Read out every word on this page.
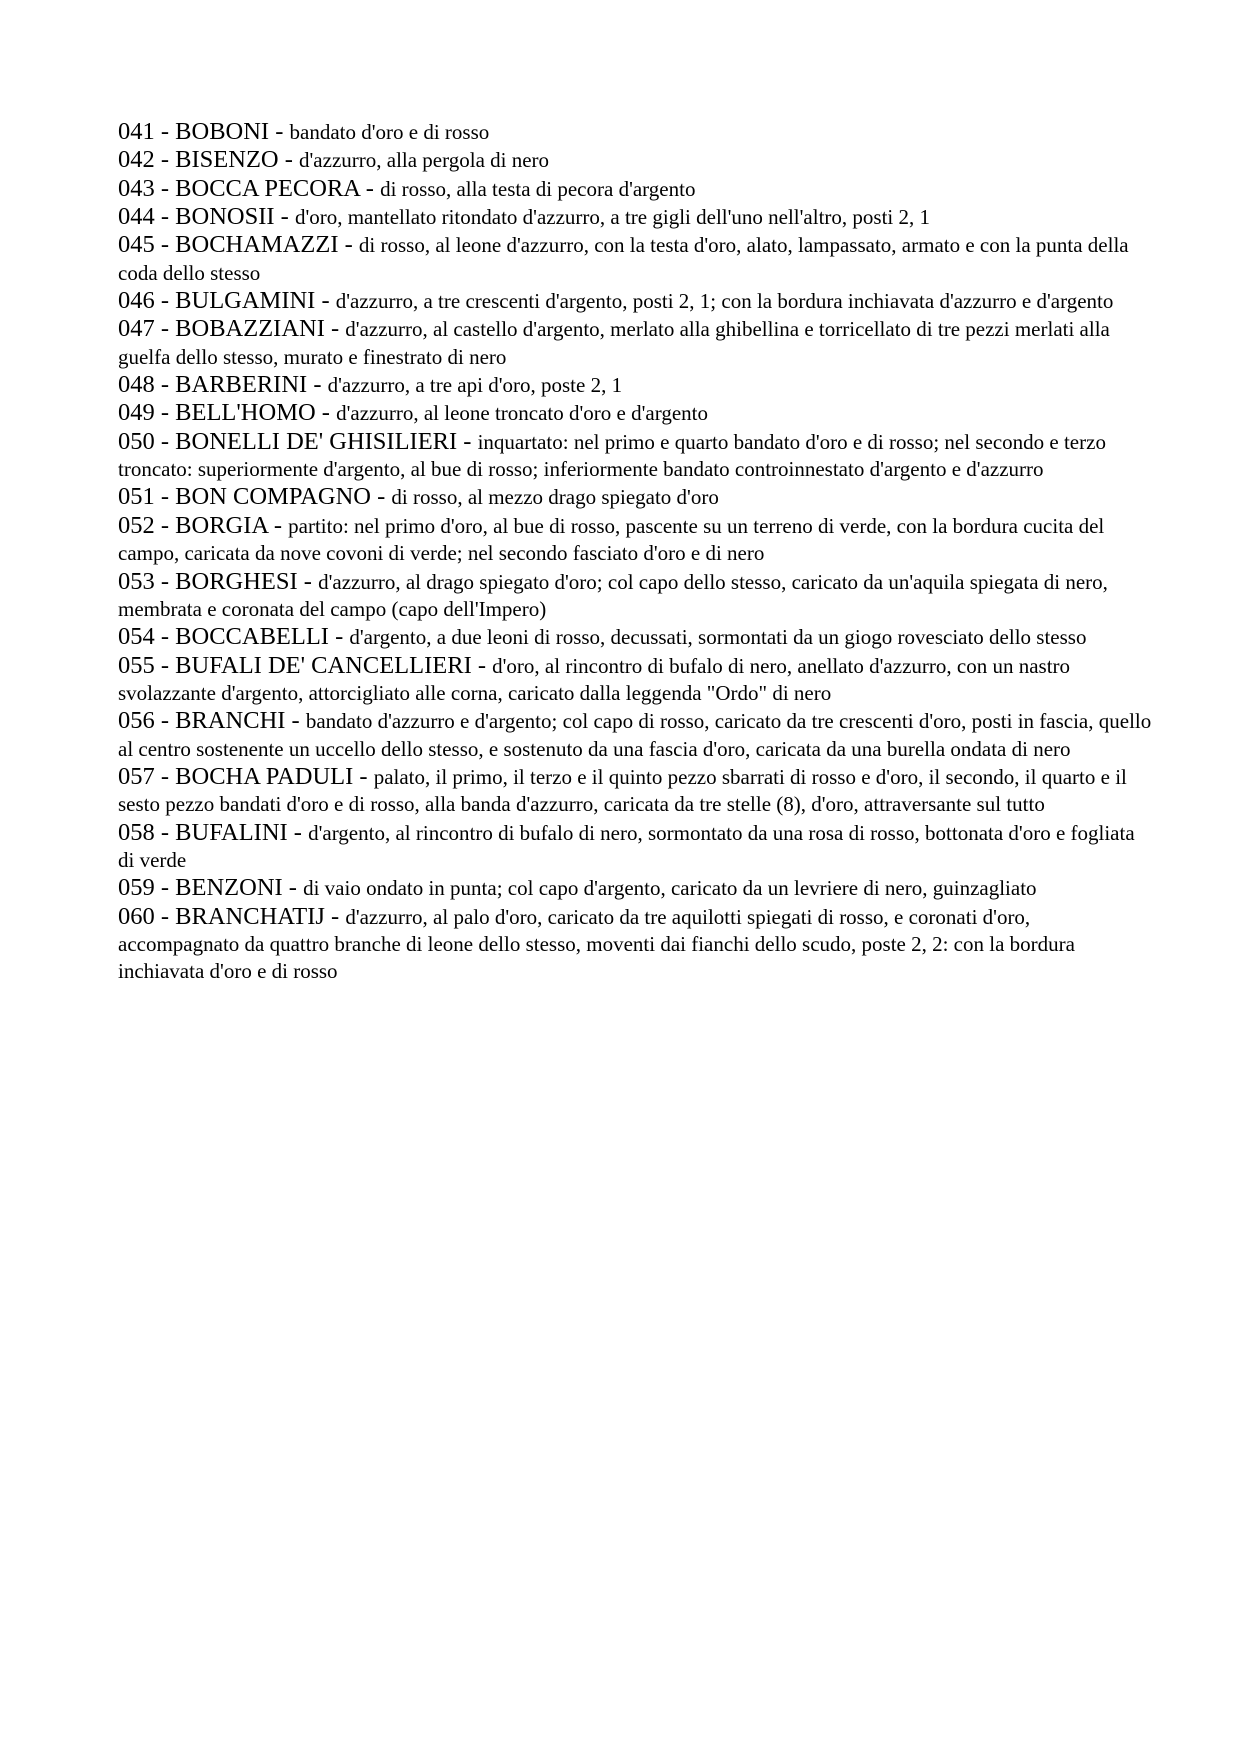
041 - BOBONI - bandato d'oro e di rosso

042 - BISENZO - d'azzurro, alla pergola di nero

043 - BOCCA PECORA - di rosso, alla testa di pecora d'argento

044 - BONOSII - d'oro, mantellato ritondato d'azzurro, a tre gigli dell'uno nell'altro, posti 2, 1

045 - BOCHAMAZZI - di rosso, al leone d'azzurro, con la testa d'oro, alato, lampassato, armato e con la punta della coda dello stesso

046 - BULGAMINI - d'azzurro, a tre crescenti d'argento, posti 2, 1; con la bordura inchiavata d'azzurro e d'argento

047 - BOBAZZIANI - d'azzurro, al castello d'argento, merlato alla ghibellina e torricellato di tre pezzi merlati alla guelfa dello stesso, murato e finestrato di nero

048 - BARBERINI - d'azzurro, a tre api d'oro, poste 2, 1

049 - BELL'HOMO - d'azzurro, al leone troncato d'oro e d'argento

050 - BONELLI DE' GHISILIERI - inquartato: nel primo e quarto bandato d'oro e di rosso; nel secondo e terzo troncato: superiormente d'argento, al bue di rosso; inferiormente bandato controinnestato d'argento e d'azzurro

051 - BON COMPAGNO - di rosso, al mezzo drago spiegato d'oro

052 - BORGIA - partito: nel primo d'oro, al bue di rosso, pascente su un terreno di verde, con la bordura cucita del campo, caricata da nove covoni di verde; nel secondo fasciato d'oro e di nero

053 - BORGHESI - d'azzurro, al drago spiegato d'oro; col capo dello stesso, caricato da un'aquila spiegata di nero, membrata e coronata del campo (capo dell'Impero)

054 - BOCCABELLI - d'argento, a due leoni di rosso, decussati, sormontati da un giogo rovesciato dello stesso

055 - BUFALI DE' CANCELLIERI - d'oro, al rincontro di bufalo di nero, anellato d'azzurro, con un nastro svolazzante d'argento, attorcigliato alle corna, caricato dalla leggenda "Ordo" di nero

056 - BRANCHI - bandato d'azzurro e d'argento; col capo di rosso, caricato da tre crescenti d'oro, posti in fascia, quello al centro sostenente un uccello dello stesso, e sostenuto da una fascia d'oro, caricata da una burella ondata di nero

057 - BOCHA PADULI - palato, il primo, il terzo e il quinto pezzo sbarrati di rosso e d'oro, il secondo, il quarto e il sesto pezzo bandati d'oro e di rosso, alla banda d'azzurro, caricata da tre stelle (8), d'oro, attraversante sul tutto

058 - BUFALINI - d'argento, al rincontro di bufalo di nero, sormontato da una rosa di rosso, bottonata d'oro e fogliata di verde

059 - BENZONI - di vaio ondato in punta; col capo d'argento, caricato da un levriere di nero, guinzagliato

060 - BRANCHATIJ - d'azzurro, al palo d'oro, caricato da tre aquilotti spiegati di rosso, e coronati d'oro, accompagnato da quattro branche di leone dello stesso, moventi dai fianchi dello scudo, poste 2, 2: con la bordura inchiavata d'oro e di rosso
